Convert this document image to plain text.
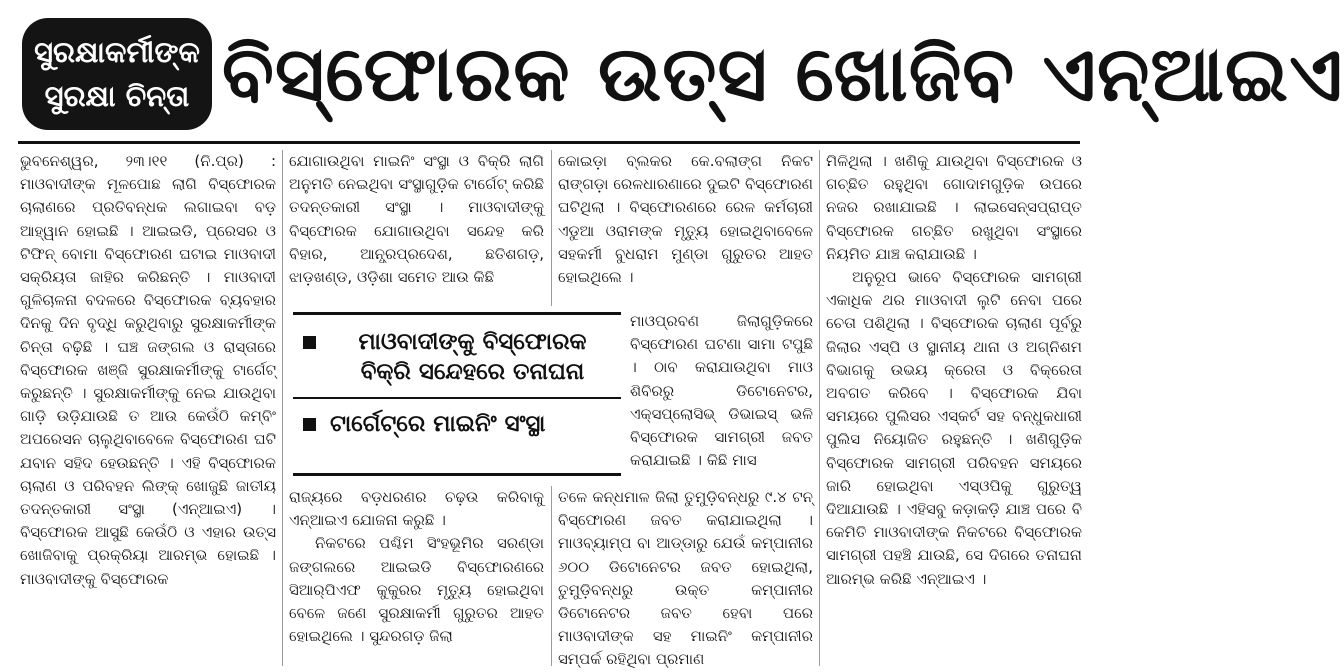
ସୁରକ୍ଷାକର୍ମୀଙ୍କ
ସୁରକ୍ଷା ଚିନ୍ତା ବିସ୍ଫୋରକ ଉତ୍ସ ଖୋଜିବ ଏନ୍‌ଆଇଏ

ଭୁବନେଶ୍ୱର, ୨୩।୧୧ (ନି.ପ୍ର) : ମାଓବାଦୀଙ୍କ ମୂଳପୋଛ ଲାଗି ବିସ୍ଫୋରକ ଚାଲାଣରେ ପ୍ରତିବନ୍ଧକ ଲଗାଇବା ବଡ଼ ଆହ୍ୱାନ ହୋଇଛି । ଆଇଇଡି, ପ୍ରେସର ଓ ଟିଫିନ୍ ବୋମା ବିସ୍ଫୋରଣ ଘଟାଇ ମାଓବାଦୀ ସକ୍ରିୟତା ଜାହିର କରିଛନ୍ତି । ମାଓବାଦୀ ଗୁଳିଚାଳନା ବଦଳରେ ବିସ୍ଫୋରକ ବ୍ୟବହାର ଦିନକୁ ଦିନ ବୃଦ୍ଧି କରୁଥିବାରୁ ସୁରକ୍ଷାକର୍ମୀଙ୍କ ଚିନ୍ତା ବଢ଼ିଛି । ଘଞ୍ଚ ଜଙ୍ଗଲ ଓ ରାସ୍ତାରେ ବିସ୍ଫୋରକ ଖଞ୍ଜି ସୁରକ୍ଷାକର୍ମୀଙ୍କୁ ଟାର୍ଗେଟ୍ କରୁଛନ୍ତି । ସୁରକ୍ଷାକର୍ମୀଙ୍କୁ ନେଇ ଯାଉଥିବା ଗାଡ଼ି ଉଡ଼ିଯାଉଛି ତ ଆଉ କେଉଁଠି କମ୍ବିଂ ଅପରେସନ ଚାଲୁଥିବାବେଳେ ବିସ୍ଫୋରଣ ଘଟି ଯବାନ ସହିଦ ହେଉଛନ୍ତି । ଏହି ବିସ୍ଫୋରକ ଚାଲାଣ ଓ ପରିବହନ ଲିଙ୍କ୍ ଖୋଜୁଛି ଜାତୀୟ ତଦନ୍ତକାରୀ ସଂସ୍ଥା (ଏନ୍‌ଆଇଏ) । ବିସ୍ଫୋରକ ଆସୁଛି କେଉଁଠି ଓ ଏହାର ଉତ୍ସ ଖୋଜିବାକୁ ପ୍ରକ୍ରିୟା ଆରମ୍ଭ ହୋଇଛି । ମାଓବାଦୀଙ୍କୁ ବିସ୍ଫୋରକ

ଯୋଗାଉଥିବା ମାଇନିଂ ସଂସ୍ଥା ଓ ବିକ୍ରି ଲାଗି ଅନୁମତି ନେଇଥିବା ସଂସ୍ଥାଗୁଡ଼ିକ ଟାର୍ଗେଟ୍ କରିଛି ତଦନ୍ତକାରୀ ସଂସ୍ଥା । ମାଓବାଦୀଙ୍କୁ ବିସ୍ଫୋରକ ଯୋଗାଉଥିବା ସନ୍ଦେହ କରି ବିହାର, ଆନ୍ଧ୍ରପ୍ରଦେଶ, ଛତିଶଗଡ଼, ଝାଡ଼ଖଣ୍ଡ, ଓଡ଼ିଶା ସମେତ ଆଉ କିଛି

କୋଇଡ଼ା ବ୍ଲକର କେ.ବଲାଙ୍ଗ ନିକଟ ରାଙ୍ଗଡ଼ା ରେଳଧାରଣାରେ ଦୁଇଟି ବିସ୍ଫୋରଣ ଘଟିଥିଲା । ବିସ୍ଫୋରଣରେ ରେଳ କର୍ମଚାରୀ ଏଡୁଆ ଓରାମଙ୍କ ମୃତ୍ୟୁ ହୋଇଥିବାବେଳେ ସହକର୍ମୀ ବୁଧରାମ ମୁଣ୍ଡା ଗୁରୁତର ଆହତ ହୋଇଥିଲେ ।

ମାଓବାଦୀଙ୍କୁ ବିସ୍ଫୋରକ ବିକ୍ରି ସନ୍ଦେହରେ ତନାଘନା
ଟାର୍ଗେଟ୍‌ରେ ମାଇନିଂ ସଂସ୍ଥା

ମାଓପ୍ରବଣ ଜିଲାଗୁଡ଼ିକରେ ବିସ୍ଫୋରଣ ଘଟଣା ସାମା ଟପୁଛି । ଠାବ କରାଯାଉଥିବା ମାଓ ଶିବିରରୁ ଡିଟୋନେଟର, ଏକ୍ସପ୍ଲୋସିଭ୍ ଡିଭାଇସ୍ ଭଳି ବିସ୍ଫୋରକ ସାମଗ୍ରୀ ଜବତ କରାଯାଇଛି । କିଛି ମାସ

ରାଜ୍ୟରେ ବଡ଼ଧରଣର ଚଢ଼ଉ କରିବାକୁ ଏନ୍‌ଆଇଏ ଯୋଜନା କରୁଛି ।

ନିକଟରେ ପଶ୍ଚିମ ସିଂହଭୂମିର ସରଣ୍ଡା ଜଙ୍ଗଲରେ ଆଇଇଡି ବିସ୍ଫୋରଣରେ ସିଆର୍‌ପିଏଫ କୁକୁରର ମୃତ୍ୟୁ ହୋଇଥିବା ବେଳେ ଜଣେ ସୁରକ୍ଷାକର୍ମୀ ଗୁରୁତର ଆହତ ହୋଇଥିଲେ । ସୁନ୍ଦରଗଡ଼ ଜିଲା

ତଳେ କନ୍ଧମାଳ ଜିଲା ତୁମୁଡ଼ିବନ୍ଧରୁ ୯.୪ ଟନ୍ ବିସ୍ଫୋରଣ ଜବତ କରାଯାଇଥିଲା । ମାଓବ୍ୟାମ୍ପ ବା ଆଡ୍ଡାରୁ ଯେଉଁ କମ୍ପାନୀର ୬୦୦ ଡିଟୋନେଟର ଜବତ ହୋଇଥିଲା, ତୁମୁଡ଼ିବନ୍ଧରୁ ଉକ୍ତ କମ୍ପାନୀର ଡିଟୋନେଟର ଜବତ ହେବା ପରେ ମାଓବାଦୀଙ୍କ ସହ ମାଇନିଂ କମ୍ପାନୀର ସମ୍ପର୍କ ରହିଥିବା ପ୍ରମାଣ

ମିଳିଥିଲା । ଖଣିକୁ ଯାଉଥିବା ବିସ୍ଫୋରକ ଓ ଗଚ୍ଛିତ ରହୁଥିବା ଗୋଦାମଗୁଡ଼ିକ ଉପରେ ନଜର ରଖାଯାଇଛି । ଲାଇସେନ୍ସପ୍ରାପ୍ତ ବିସ୍ଫୋରକ ଗଚ୍ଛିତ ରଖୁଥିବା ସଂସ୍ଥାରେ ନିୟମିତ ଯାଞ୍ଚ କରାଯାଉଛି ।

ଅନୁରୂପ ଭାବେ ବିସ୍ଫୋରକ ସାମଗ୍ରୀ ଏକାଧିକ ଥର ମାଓବାଦୀ ଲୁଟି ନେବା ପରେ ଚେତା ପଶିଥିଲା । ବିସ୍ଫୋରକ ଚାଲାଣ ପୂର୍ବରୁ ଜିଲାର ଏସ୍‌ପି ଓ ସ୍ଥାନୀୟ ଥାନା ଓ ଅଗ୍ନିଶମ ବିଭାଗକୁ ଉଭୟ କ୍ରେତା ଓ ବିକ୍ରେତା ଅବଗତ କରିବେ । ବିସ୍ଫୋରକ ଯିବା ସମୟରେ ପୁଲିସର ଏସ୍କର୍ଟ ସହ ବନ୍ଧୁକଧାରୀ ପୁଲିସ ନିୟୋଜିତ ରହୁଛନ୍ତି । ଖଣିଗୁଡ଼ିକ ବିସ୍ଫୋରକ ସାମଗ୍ରୀ ପରିବହନ ସମୟରେ ଜାରି ହୋଇଥିବା ଏସ୍‌ଓପିକୁ ଗୁରୁତ୍ୱ ଦିଆଯାଉଛି । ଏହିସବୁ କଡ଼ାକଡ଼ି ଯାଞ୍ଚ ପରେ ବି କେମିତି ମାଓବାଦୀଙ୍କ ନିକଟରେ ବିସ୍ଫୋରକ ସାମଗ୍ରୀ ପହଞ୍ଚି ଯାଉଛି, ସେ ଦିଗରେ ତନାଘନା ଆରମ୍ଭ କରିଛି ଏନ୍‌ଆଇଏ ।
